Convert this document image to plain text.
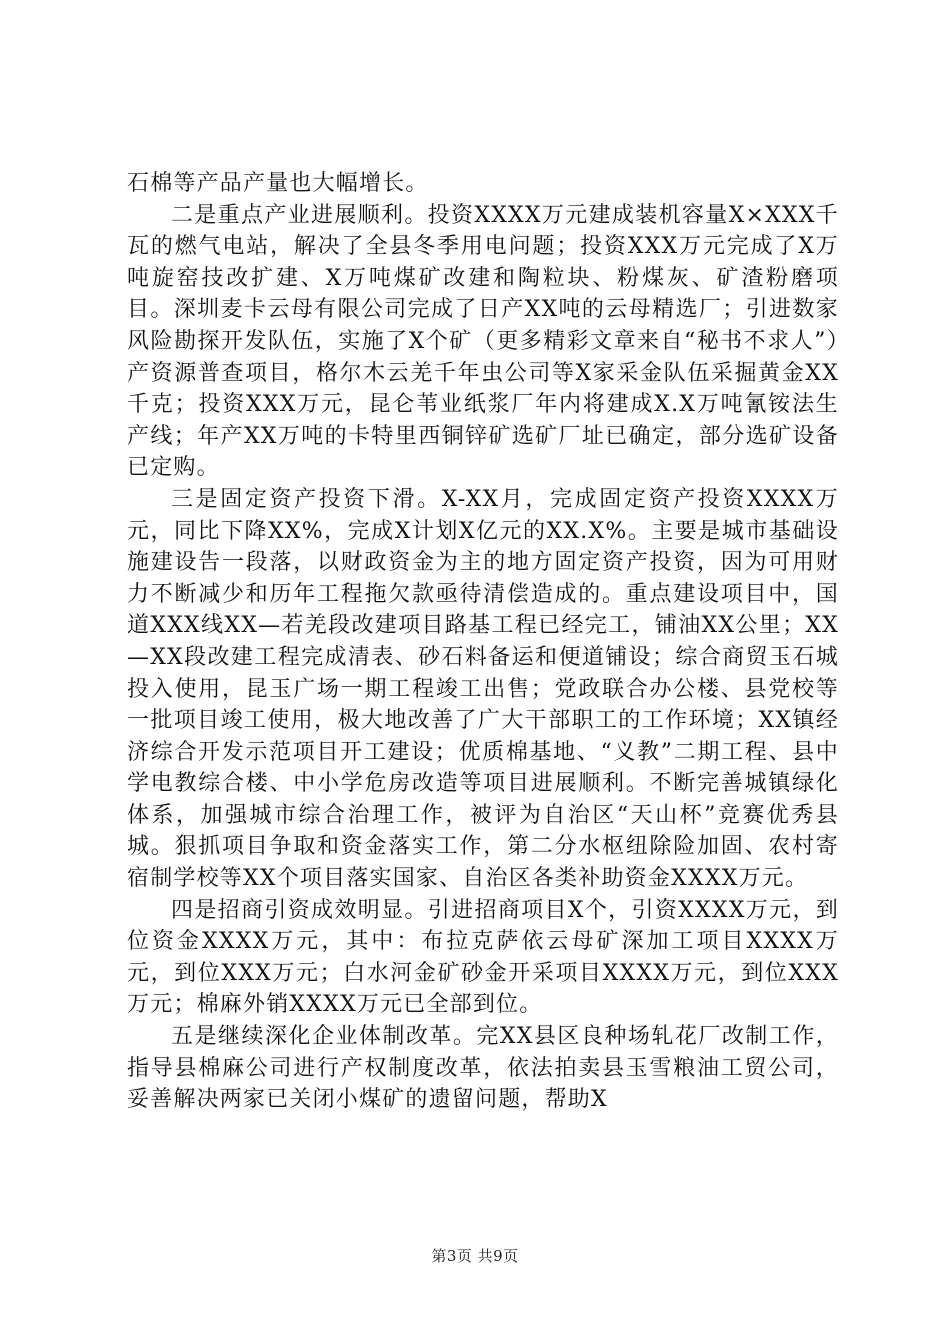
石棉等产品产量也大幅增长。

二是重点产业进展顺利。投资XXXX万元建成装机容量X×XXX千瓦的燃气电站，解决了全县冬季用电问题；投资XXX万元完成了X万吨旋窑技改扩建、X万吨煤矿改建和陶粒块、粉煤灰、矿渣粉磨项目。深圳麦卡云母有限公司完成了日产XX吨的云母精选厂；引进数家风险勘探开发队伍，实施了X个矿（更多精彩文章来自“秘书不求人”）产资源普查项目，格尔木云羌千年虫公司等X家采金队伍采掘黄金XX千克；投资XXX万元，昆仑苇业纸浆厂年内将建成X.X万吨氰铵法生产线；年产XX万吨的卡特里西铜锌矿选矿厂址已确定，部分选矿设备已定购。

三是固定资产投资下滑。X-XX月，完成固定资产投资XXXX万元，同比下降XX%，完成X计划X亿元的XX.X%。主要是城市基础设施建设告一段落，以财政资金为主的地方固定资产投资，因为可用财力不断减少和历年工程拖欠款亟待清偿造成的。重点建设项目中，国道XXX线XX—若羌段改建项目路基工程已经完工，铺油XX公里；XX—XX段改建工程完成清表、砂石料备运和便道铺设；综合商贸玉石城投入使用，昆玉广场一期工程竣工出售；党政联合办公楼、县党校等一批项目竣工使用，极大地改善了广大干部职工的工作环境；XX镇经济综合开发示范项目开工建设；优质棉基地、“义教”二期工程、县中学电教综合楼、中小学危房改造等项目进展顺利。不断完善城镇绿化体系，加强城市综合治理工作，被评为自治区“天山杯”竞赛优秀县城。狠抓项目争取和资金落实工作，第二分水枢纽除险加固、农村寄宿制学校等XX个项目落实国家、自治区各类补助资金XXXX万元。

四是招商引资成效明显。引进招商项目X个，引资XXXX万元，到位资金XXXX万元，其中：布拉克萨依云母矿深加工项目XXXX万元，到位XXX万元；白水河金矿砂金开采项目XXXX万元，到位XXX万元；棉麻外销XXXX万元已全部到位。

五是继续深化企业体制改革。完XX县区良种场轧花厂改制工作，指导县棉麻公司进行产权制度改革，依法拍卖县玉雪粮油工贸公司，妥善解决两家已关闭小煤矿的遗留问题，帮助X

第3页 共9页
